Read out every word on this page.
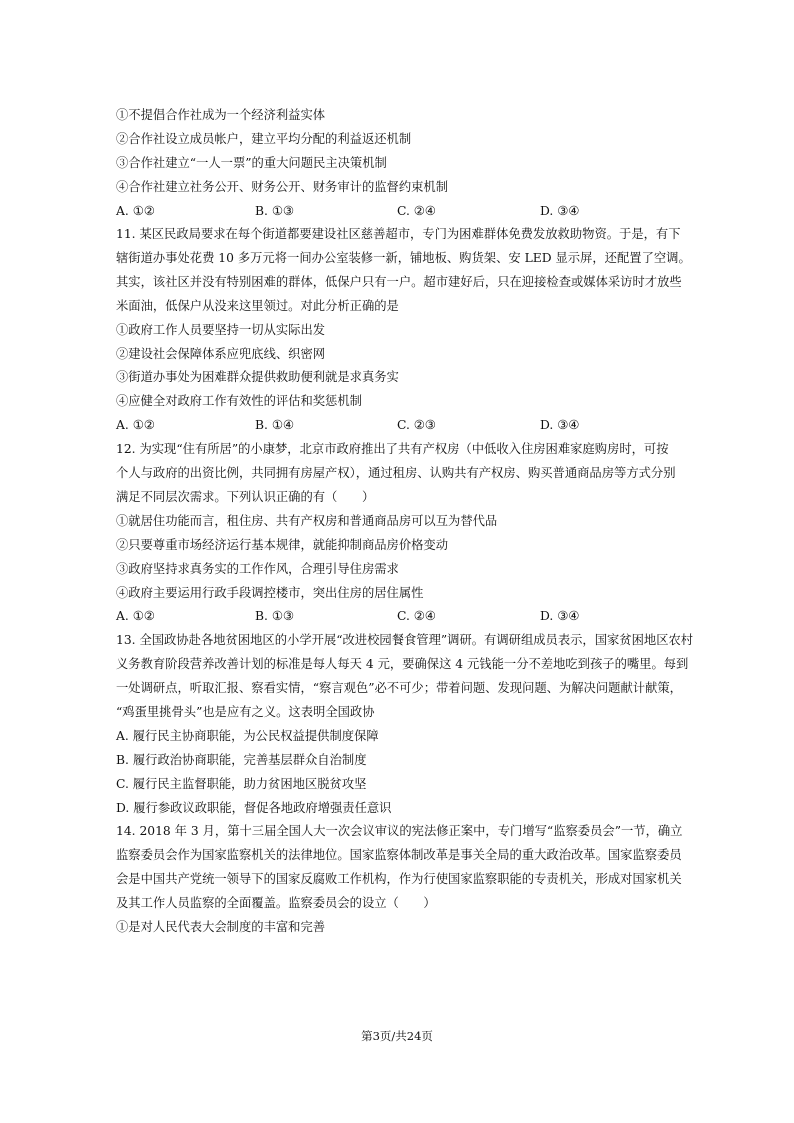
①不提倡合作社成为一个经济利益实体
②合作社设立成员帐户，建立平均分配的利益返还机制
③合作社建立“一人一票”的重大问题民主决策机制
④合作社建立社务公开、财务公开、财务审计的监督约束机制
A. ①②	B. ①③	C. ②④	D. ③④
11. 某区民政局要求在每个街道都要建设社区慈善超市，专门为困难群体免费发放救助物资。于是，有下
辖街道办事处花费 10 多万元将一间办公室装修一新，铺地板、购货架、安 LED 显示屏，还配置了空调。
其实，该社区并没有特别困难的群体，低保户只有一户。超市建好后，只在迎接检查或媒体采访时才放些
米面油，低保户从没来这里领过。对此分析正确的是
①政府工作人员要坚持一切从实际出发
②建设社会保障体系应兜底线、织密网
③街道办事处为困难群众提供救助便利就是求真务实
④应健全对政府工作有效性的评估和奖惩机制
A. ①②	B. ①④	C. ②③	D. ③④
12. 为实现“住有所居”的小康梦，北京市政府推出了共有产权房（中低收入住房困难家庭购房时，可按
个人与政府的出资比例，共同拥有房屋产权），通过租房、认购共有产权房、购买普通商品房等方式分别
满足不同层次需求。下列认识正确的有（　　）
①就居住功能而言，租住房、共有产权房和普通商品房可以互为替代品
②只要尊重市场经济运行基本规律，就能抑制商品房价格变动
③政府坚持求真务实的工作作风，合理引导住房需求
④政府主要运用行政手段调控楼市，突出住房的居住属性
A. ①②	B. ①③	C. ②④	D. ③④
13. 全国政协赴各地贫困地区的小学开展“改进校园餐食管理”调研。有调研组成员表示，国家贫困地区农村
义务教育阶段营养改善计划的标准是每人每天 4 元，要确保这 4 元钱能一分不差地吃到孩子的嘴里。每到
一处调研点，听取汇报、察看实情，“察言观色”必不可少；带着问题、发现问题、为解决问题献计献策，
“鸡蛋里挑骨头”也是应有之义。这表明全国政协
A. 履行民主协商职能，为公民权益提供制度保障
B. 履行政治协商职能，完善基层群众自治制度
C. 履行民主监督职能，助力贫困地区脱贫攻坚
D. 履行参政议政职能，督促各地政府增强责任意识
14. 2018 年 3 月，第十三届全国人大一次会议审议的宪法修正案中，专门增写“监察委员会”一节，确立
监察委员会作为国家监察机关的法律地位。国家监察体制改革是事关全局的重大政治改革。国家监察委员
会是中国共产党统一领导下的国家反腐败工作机构，作为行使国家监察职能的专责机关，形成对国家机关
及其工作人员监察的全面覆盖。监察委员会的设立（　　）
①是对人民代表大会制度的丰富和完善
第3页/共24页
